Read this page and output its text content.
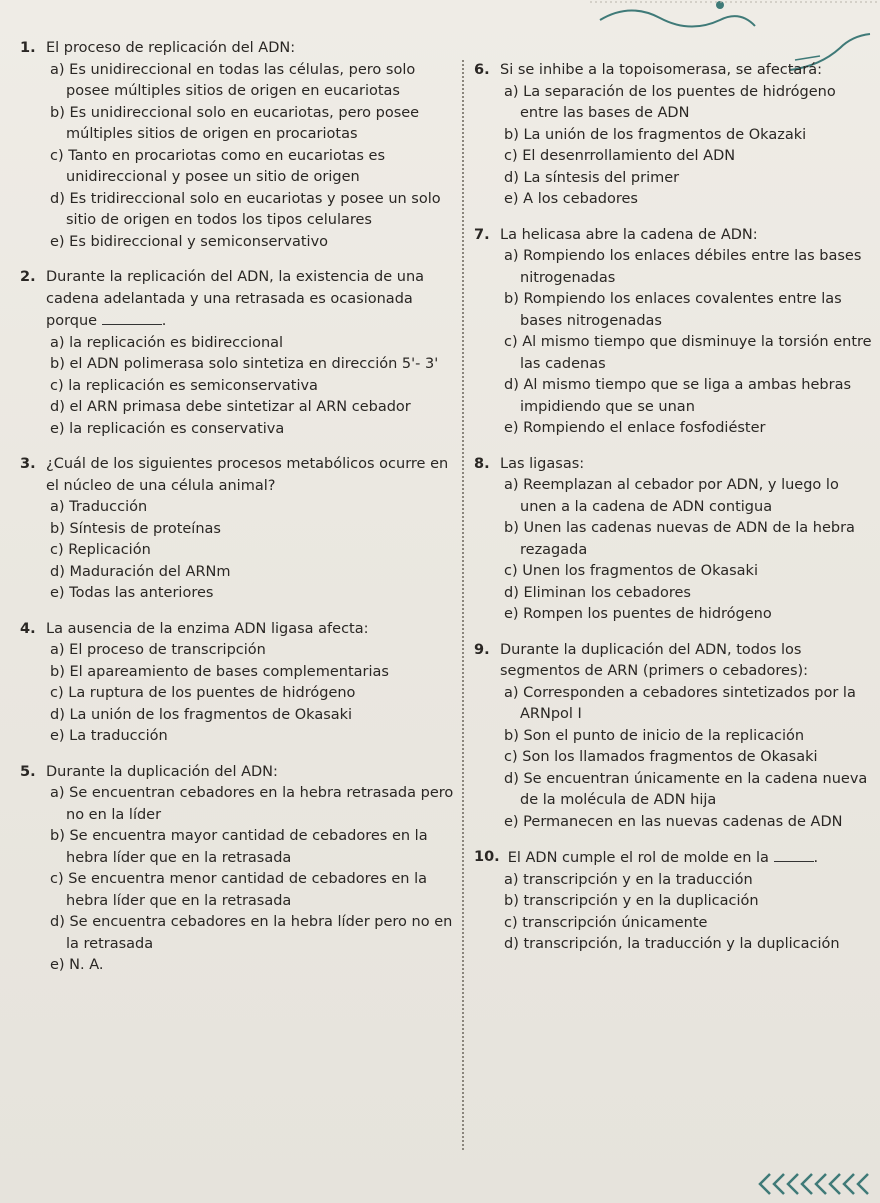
1. El proceso de replicación del ADN:
a) Es unidireccional en todas las células, pero solo posee múltiples sitios de origen en eucariotas
b) Es unidireccional solo en eucariotas, pero posee múltiples sitios de origen en procariotas
c) Tanto en procariotas como en eucariotas es unidireccional y posee un sitio de origen
d) Es tridireccional solo en eucariotas y posee un solo sitio de origen en todos los tipos celulares
e) Es bidireccional y semiconservativo
2. Durante la replicación del ADN, la existencia de una cadena adelantada y una retrasada es ocasionada porque	.
a) la replicación es bidireccional
b) el ADN polimerasa solo sintetiza en dirección 5'- 3'
c) la replicación es semiconservativa
d) el ARN primasa debe sintetizar al ARN cebador
e) la replicación es conservativa
3. ¿Cuál de los siguientes procesos metabólicos ocurre en el núcleo de una célula animal?
a) Traducción
b) Síntesis de proteínas
c) Replicación
d) Maduración del ARNm
e) Todas las anteriores
4. La ausencia de la enzima ADN ligasa afecta:
a) El proceso de transcripción
b) El apareamiento de bases complementarias
c) La ruptura de los puentes de hidrógeno
d) La unión de los fragmentos de Okasaki
e) La traducción
5. Durante la duplicación del ADN:
a) Se encuentran cebadores en la hebra retrasada pero no en la líder
b) Se encuentra mayor cantidad de cebadores en la hebra líder que en la retrasada
c) Se encuentra menor cantidad de cebadores en la hebra líder que en la retrasada
d) Se encuentra cebadores en la hebra líder pero no en la retrasada
e) N. A.
6. Si se inhibe a la topoisomerasa, se afectará:
a) La separación de los puentes de hidrógeno entre las bases de ADN
b) La unión de los fragmentos de Okazaki
c) El desenrrollamiento del ADN
d) La síntesis del primer
e) A los cebadores
7. La helicasa abre la cadena de ADN:
a) Rompiendo los enlaces débiles entre las bases nitrogenadas
b) Rompiendo los enlaces covalentes entre las bases nitrogenadas
c) Al mismo tiempo que disminuye la torsión entre las cadenas
d) Al mismo tiempo que se liga a ambas hebras impidiendo que se unan
e) Rompiendo el enlace fosfodiéster
8. Las ligasas:
a) Reemplazan al cebador por ADN, y luego lo unen a la cadena de ADN contigua
b) Unen las cadenas nuevas de ADN de la hebra rezagada
c) Unen los fragmentos de Okasaki
d) Eliminan los cebadores
e) Rompen los puentes de hidrógeno
9. Durante la duplicación del ADN, todos los segmentos de ARN (primers o cebadores):
a) Corresponden a cebadores sintetizados por la ARNpol I
b) Son el punto de inicio de la replicación
c) Son los llamados fragmentos de Okasaki
d) Se encuentran únicamente en la cadena nueva de la molécula de ADN hija
e) Permanecen en las nuevas cadenas de ADN
10. El ADN cumple el rol de molde en la	.
a) transcripción y en la traducción
b) transcripción y en la duplicación
c) transcripción únicamente
d) transcripción, la traducción y la duplicación
